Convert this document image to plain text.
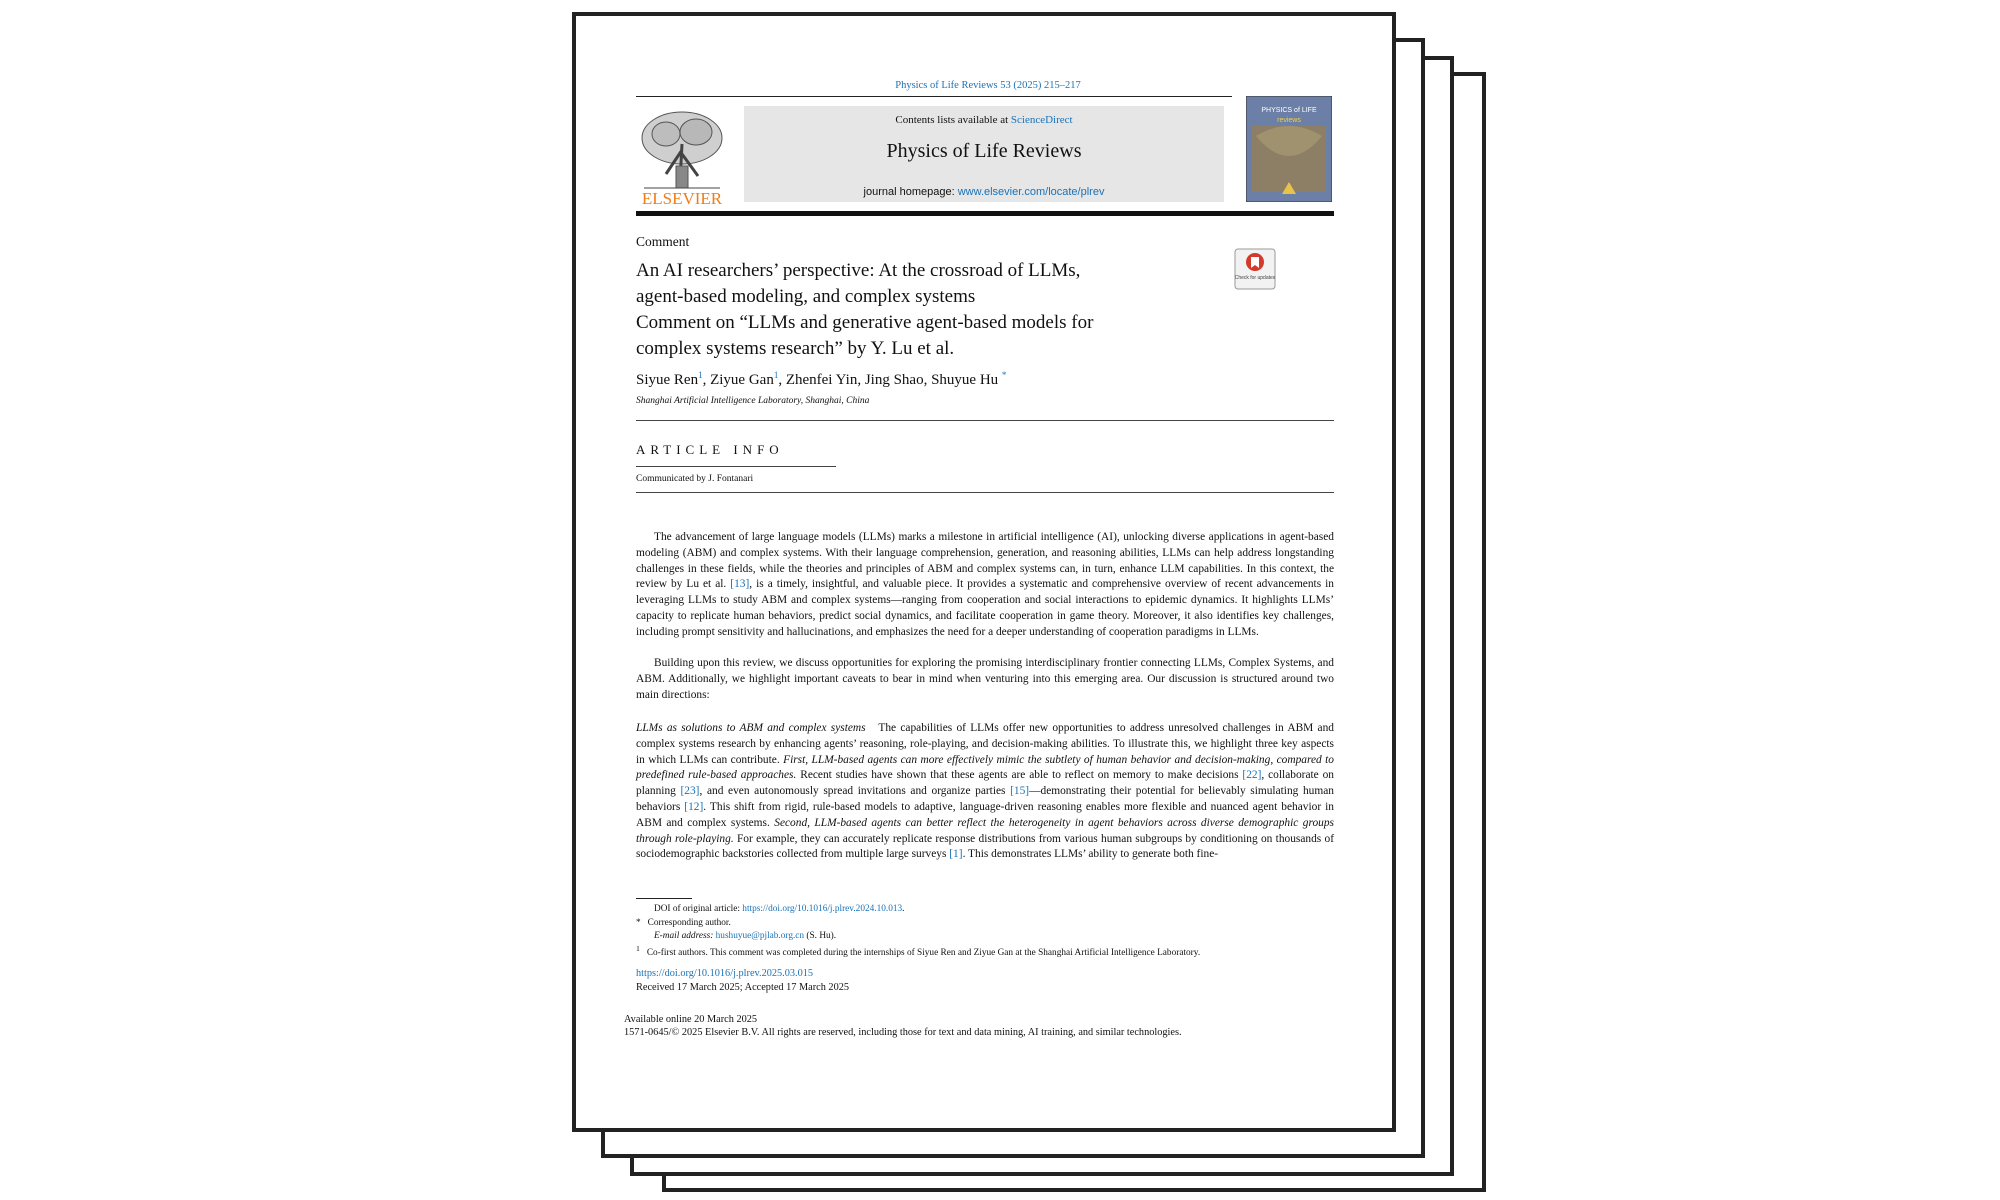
Physics of Life Reviews 53 (2025) 215–217
ELSEVIER
Contents lists available at ScienceDirect
Physics of Life Reviews
journal homepage: www.elsevier.com/locate/plrev
PHYSICS of LIFE
reviews
Comment
An AI researchers’ perspective: At the crossroad of LLMs,
agent-based modeling, and complex systems
Comment on “LLMs and generative agent-based models for
complex systems research” by Y. Lu et al.
Check for updates
Siyue Ren$^1$, Ziyue Gan$^1$, Zhenfei Yin, Jing Shao, Shuyue Hu *
Shanghai Artificial Intelligence Laboratory, Shanghai, China
ARTICLE INFO
Communicated by J. Fontanari
The advancement of large language models (LLMs) marks a milestone in artificial intelligence (AI), unlocking diverse applications in agent-based modeling (ABM) and complex systems. With their language comprehension, generation, and reasoning abilities, LLMs can help address longstanding challenges in these fields, while the theories and principles of ABM and complex systems can, in turn, enhance LLM capabilities. In this context, the review by Lu et al. [13], is a timely, insightful, and valuable piece. It provides a systematic and comprehensive overview of recent advancements in leveraging LLMs to study ABM and complex systems—ranging from cooperation and social interactions to epidemic dynamics. It highlights LLMs’ capacity to replicate human behaviors, predict social dynamics, and facilitate cooperation in game theory. Moreover, it also identifies key challenges, including prompt sensitivity and hallucinations, and emphasizes the need for a deeper understanding of cooperation paradigms in LLMs.
Building upon this review, we discuss opportunities for exploring the promising interdisciplinary frontier connecting LLMs, Complex Systems, and ABM. Additionally, we highlight important caveats to bear in mind when venturing into this emerging area. Our discussion is structured around two main directions:
LLMs as solutions to ABM and complex systems The capabilities of LLMs offer new opportunities to address unresolved challenges in ABM and complex systems research by enhancing agents’ reasoning, role-playing, and decision-making abilities. To illustrate this, we highlight three key aspects in which LLMs can contribute. First, LLM-based agents can more effectively mimic the subtlety of human behavior and decision-making, compared to predefined rule-based approaches. Recent studies have shown that these agents are able to reflect on memory to make decisions [22], collaborate on planning [23], and even autonomously spread invitations and organize parties [15]—demonstrating their potential for believably simulating human behaviors [12]. This shift from rigid, rule-based models to adaptive, language-driven reasoning enables more flexible and nuanced agent behavior in ABM and complex systems. Second, LLM-based agents can better reflect the heterogeneity in agent behaviors across diverse demographic groups through role-playing. For example, they can accurately replicate response distributions from various human subgroups by conditioning on thousands of sociodemographic backstories collected from multiple large surveys [1]. This demonstrates LLMs’ ability to generate both fine-
DOI of original article: https://doi.org/10.1016/j.plrev.2024.10.013.
* Corresponding author.
E-mail address: hushuyue@pjlab.org.cn (S. Hu).
$^1$ Co-first authors. This comment was completed during the internships of Siyue Ren and Ziyue Gan at the Shanghai Artificial Intelligence Laboratory.
https://doi.org/10.1016/j.plrev.2025.03.015
Received 17 March 2025; Accepted 17 March 2025
Available online 20 March 2025
1571-0645/© 2025 Elsevier B.V. All rights are reserved, including those for text and data mining, AI training, and similar technologies.
